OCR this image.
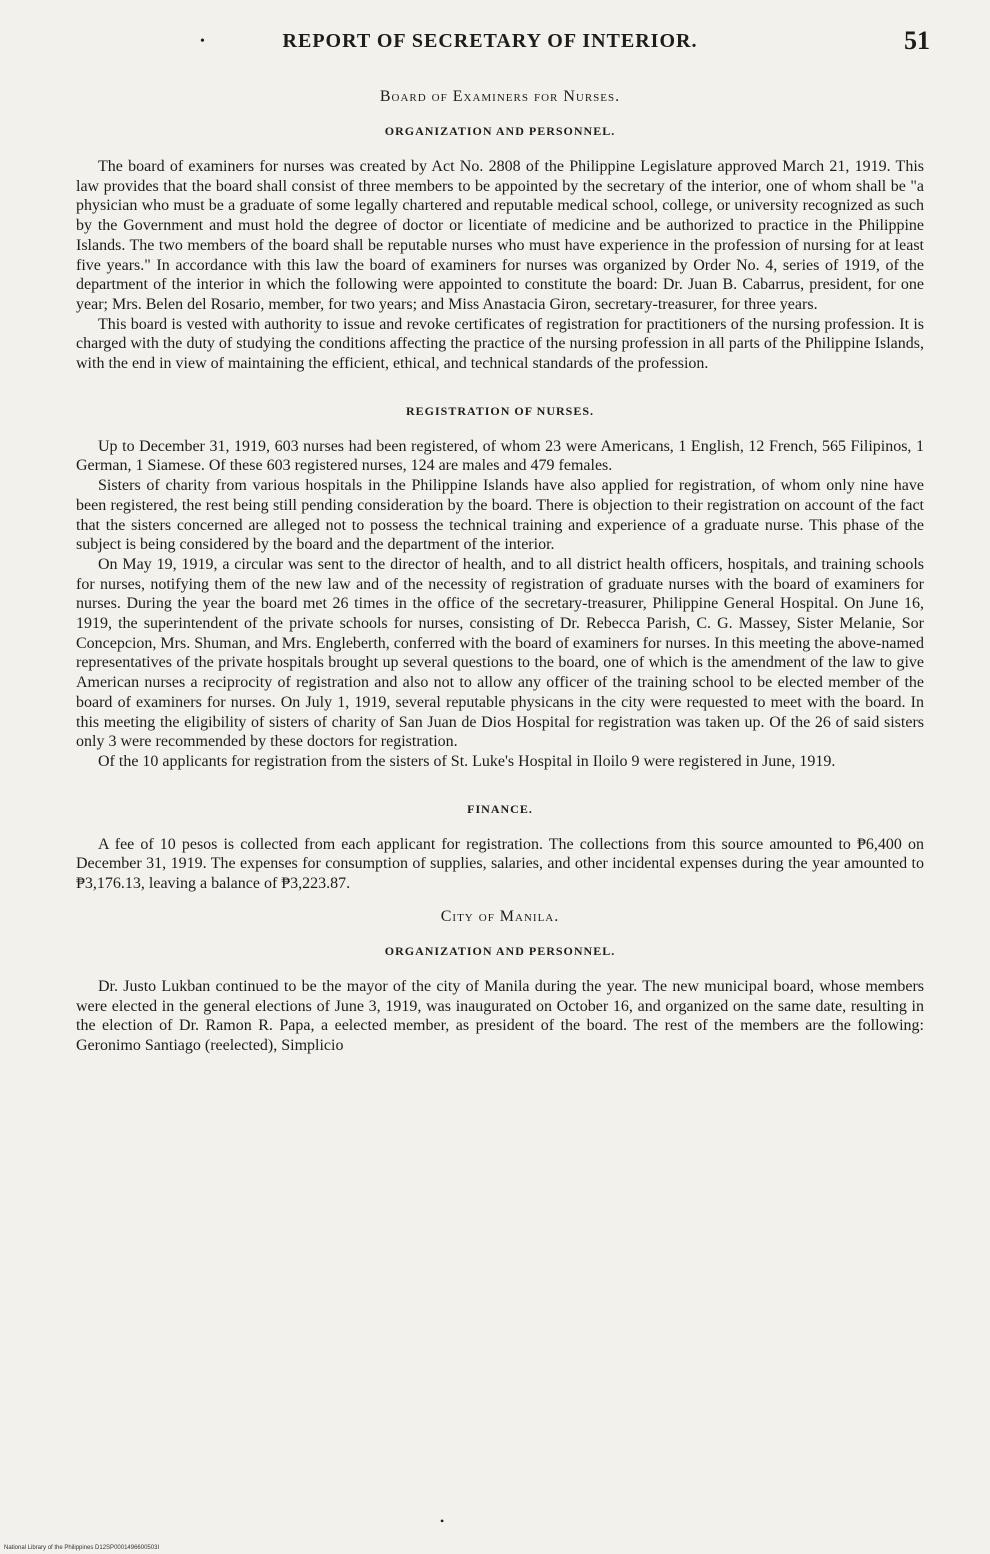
•	REPORT OF SECRETARY OF INTERIOR.	51
Board of Examiners for Nurses.
ORGANIZATION AND PERSONNEL.

The board of examiners for nurses was created by Act No. 2808 of the Philippine Legislature approved March 21, 1919. This law provides that the board shall consist of three members to be appointed by the secretary of the interior, one of whom shall be "a physician who must be a graduate of some legally chartered and reputable medical school, college, or university recognized as such by the Government and must hold the degree of doctor or licentiate of medicine and be authorized to practice in the Philippine Islands. The two members of the board shall be reputable nurses who must have experience in the profession of nursing for at least five years." In accordance with this law the board of examiners for nurses was organized by Order No. 4, series of 1919, of the department of the interior in which the following were appointed to constitute the board: Dr. Juan B. Cabarrus, president, for one year; Mrs. Belen del Rosario, member, for two years; and Miss Anastacia Giron, secretary-treasurer, for three years.

This board is vested with authority to issue and revoke certificates of registration for practitioners of the nursing profession. It is charged with the duty of studying the conditions affecting the practice of the nursing profession in all parts of the Philippine Islands, with the end in view of maintaining the efficient, ethical, and technical standards of the profession.

REGISTRATION OF NURSES.

Up to December 31, 1919, 603 nurses had been registered, of whom 23 were Americans, 1 English, 12 French, 565 Filipinos, 1 German, 1 Siamese. Of these 603 registered nurses, 124 are males and 479 females.

Sisters of charity from various hospitals in the Philippine Islands have also applied for registration, of whom only nine have been registered, the rest being still pending consideration by the board. There is objection to their registration on account of the fact that the sisters concerned are alleged not to possess the technical training and experience of a graduate nurse. This phase of the subject is being considered by the board and the department of the interior.

On May 19, 1919, a circular was sent to the director of health, and to all district health officers, hospitals, and training schools for nurses, notifying them of the new law and of the necessity of registration of graduate nurses with the board of examiners for nurses. During the year the board met 26 times in the office of the secretary-treasurer, Philippine General Hospital. On June 16, 1919, the superintendent of the private schools for nurses, consisting of Dr. Rebecca Parish, C. G. Massey, Sister Melanie, Sor Concepcion, Mrs. Shuman, and Mrs. Engleberth, conferred with the board of examiners for nurses. In this meeting the above-named representatives of the private hospitals brought up several questions to the board, one of which is the amendment of the law to give American nurses a reciprocity of registration and also not to allow any officer of the training school to be elected member of the board of examiners for nurses. On July 1, 1919, several reputable physicans in the city were requested to meet with the board. In this meeting the eligibility of sisters of charity of San Juan de Dios Hospital for registration was taken up. Of the 26 of said sisters only 3 were recommended by these doctors for registration.

Of the 10 applicants for registration from the sisters of St. Luke's Hospital in Iloilo 9 were registered in June, 1919.

FINANCE.

A fee of 10 pesos is collected from each applicant for registration. The collections from this source amounted to ₱6,400 on December 31, 1919. The expenses for consumption of supplies, salaries, and other incidental expenses during the year amounted to ₱3,176.13, leaving a balance of ₱3,223.87.

City of Manila.
ORGANIZATION AND PERSONNEL.

Dr. Justo Lukban continued to be the mayor of the city of Manila during the year. The new municipal board, whose members were elected in the general elections of June 3, 1919, was inaugurated on October 16, and organized on the same date, resulting in the election of Dr. Ramon R. Papa, a eelected member, as president of the board. The rest of the members are the following: Geronimo Santiago (reelected), Simplicio

•
National Library of the Philippines D12SP0001496600503I
